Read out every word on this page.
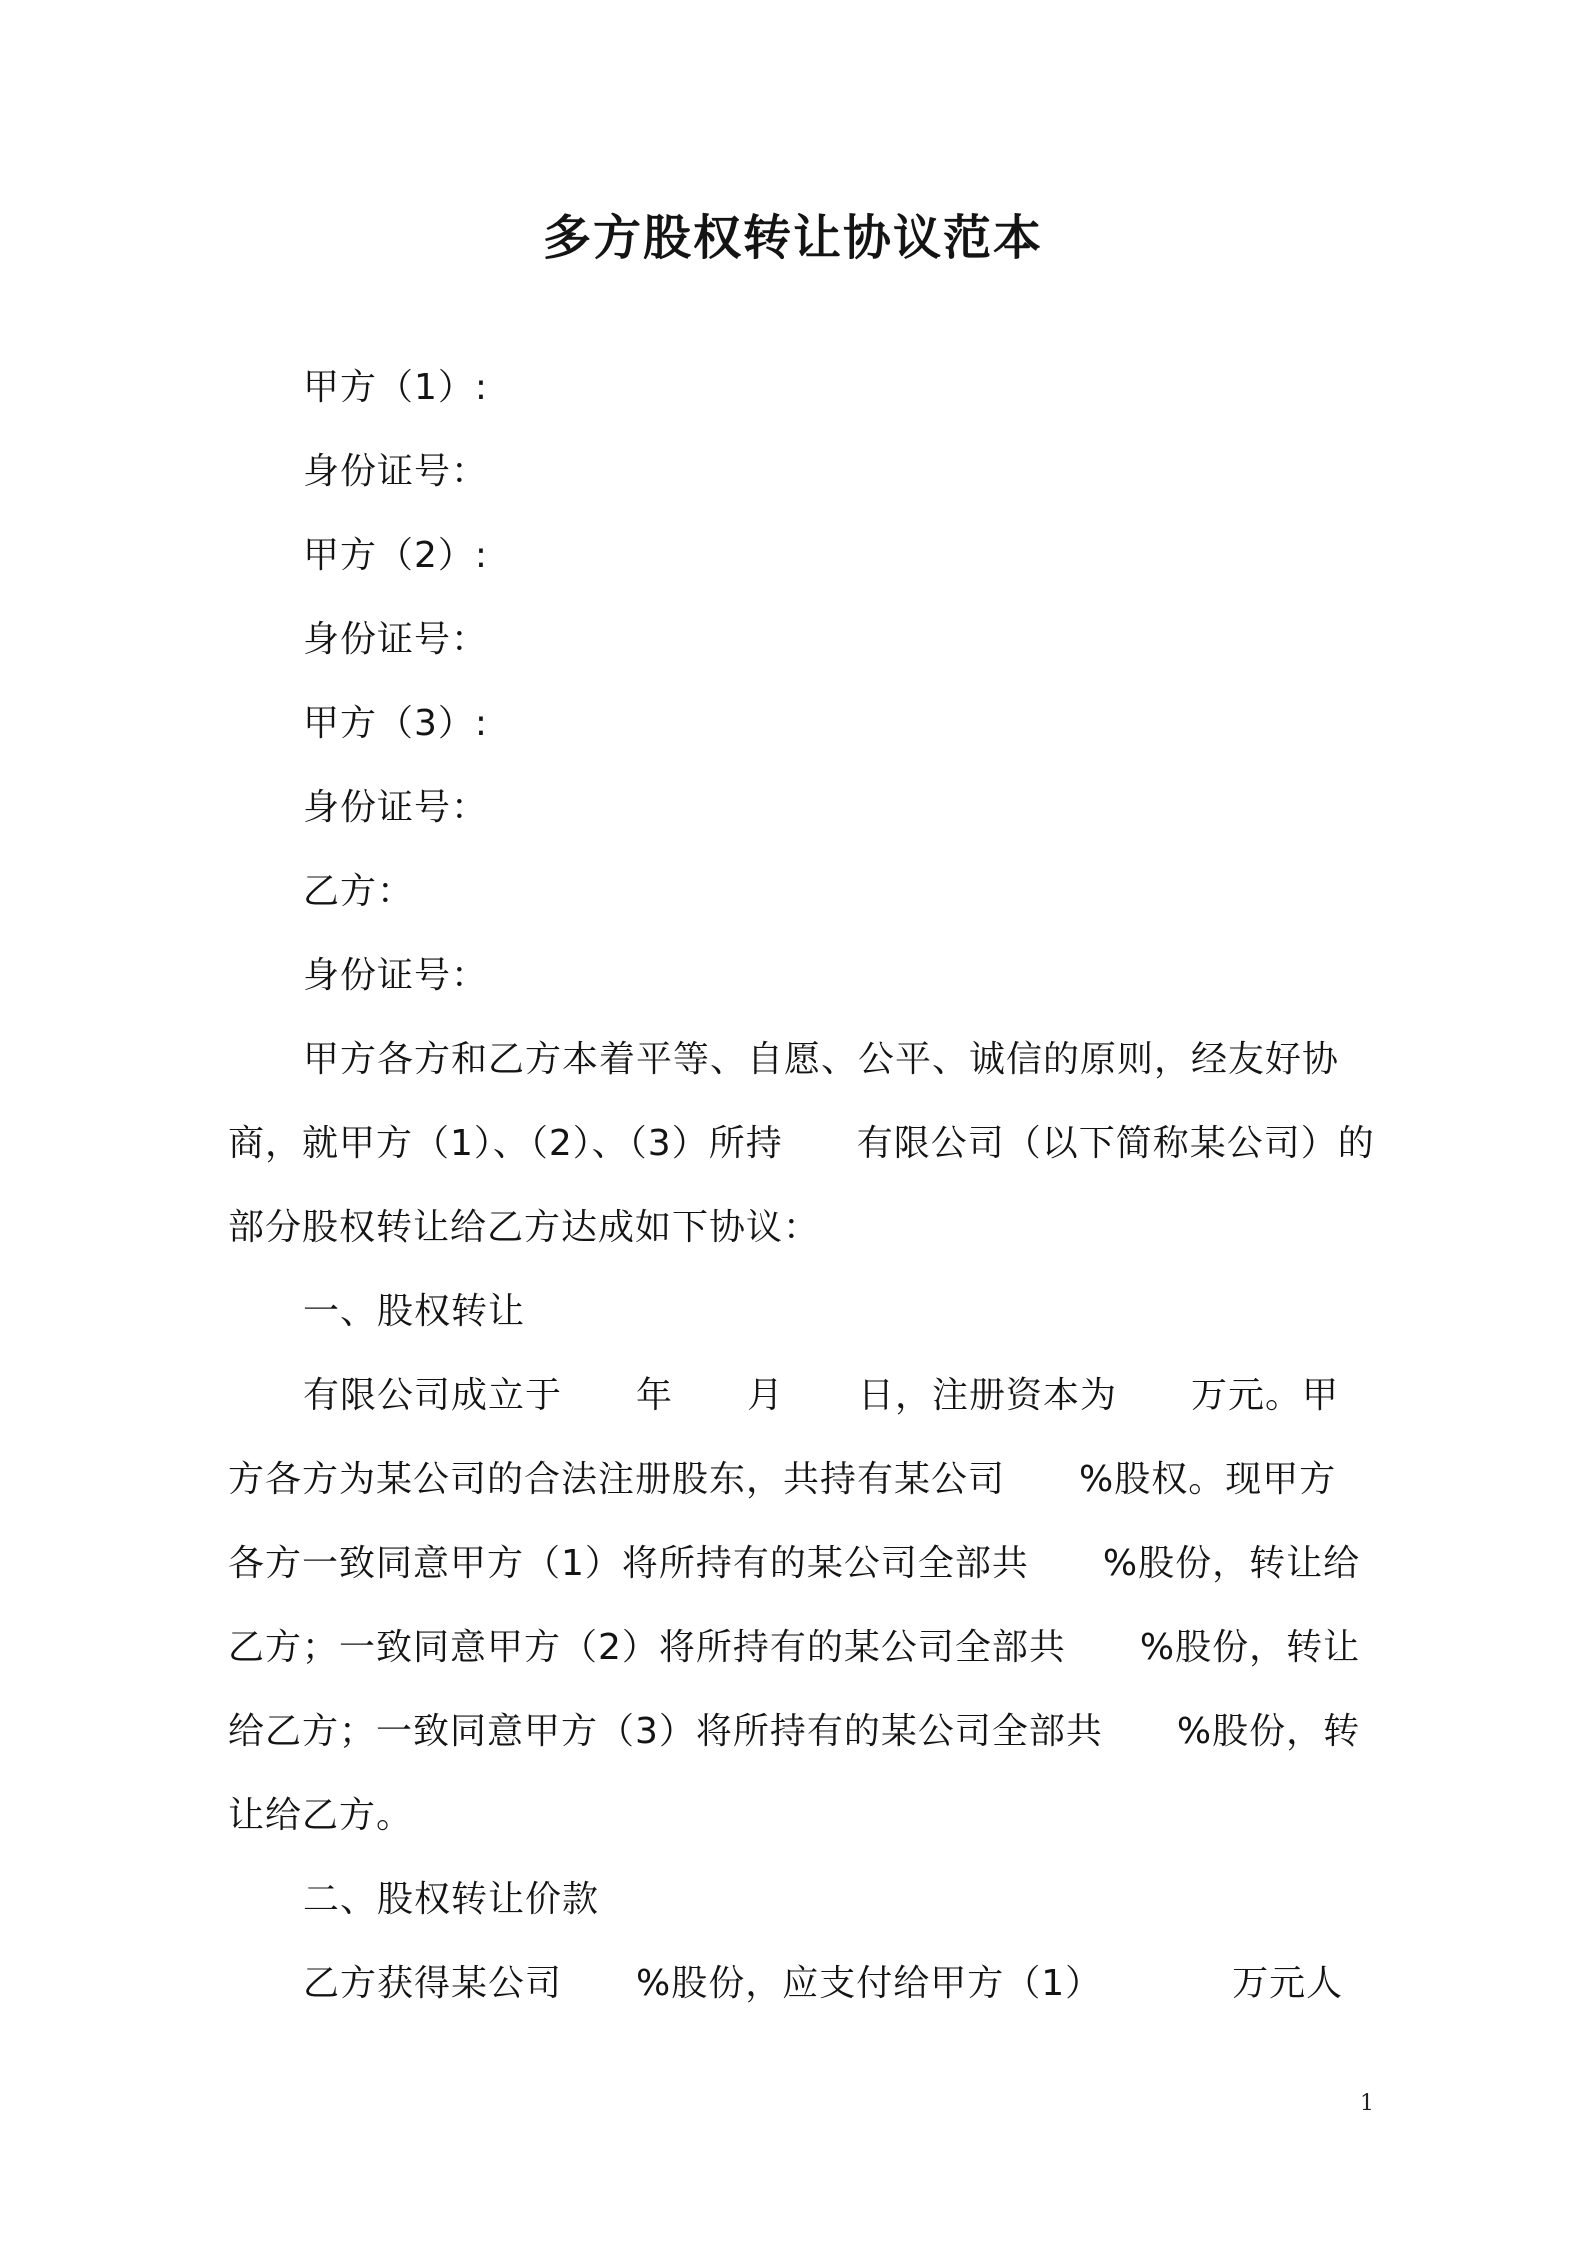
多方股权转让协议范本
甲方（1）:
身份证号：
甲方（2）:
身份证号：
甲方（3）:
身份证号：
乙方：
身份证号：
甲方各方和乙方本着平等、自愿、公平、诚信的原则，经友好协
商，就甲方（1）、（2）、（3）所持　　有限公司（以下简称某公司）的
部分股权转让给乙方达成如下协议：
一、股权转让
有限公司成立于　　年　　月　　日，注册资本为　　万元。甲
方各方为某公司的合法注册股东，共持有某公司　　%股权。现甲方
各方一致同意甲方（1）将所持有的某公司全部共　　%股份，转让给
乙方；一致同意甲方（2）将所持有的某公司全部共　　%股份，转让
给乙方；一致同意甲方（3）将所持有的某公司全部共　　%股份，转
让给乙方。
二、股权转让价款
乙方获得某公司　　%股份，应支付给甲方（1）　　　　万元人
1
